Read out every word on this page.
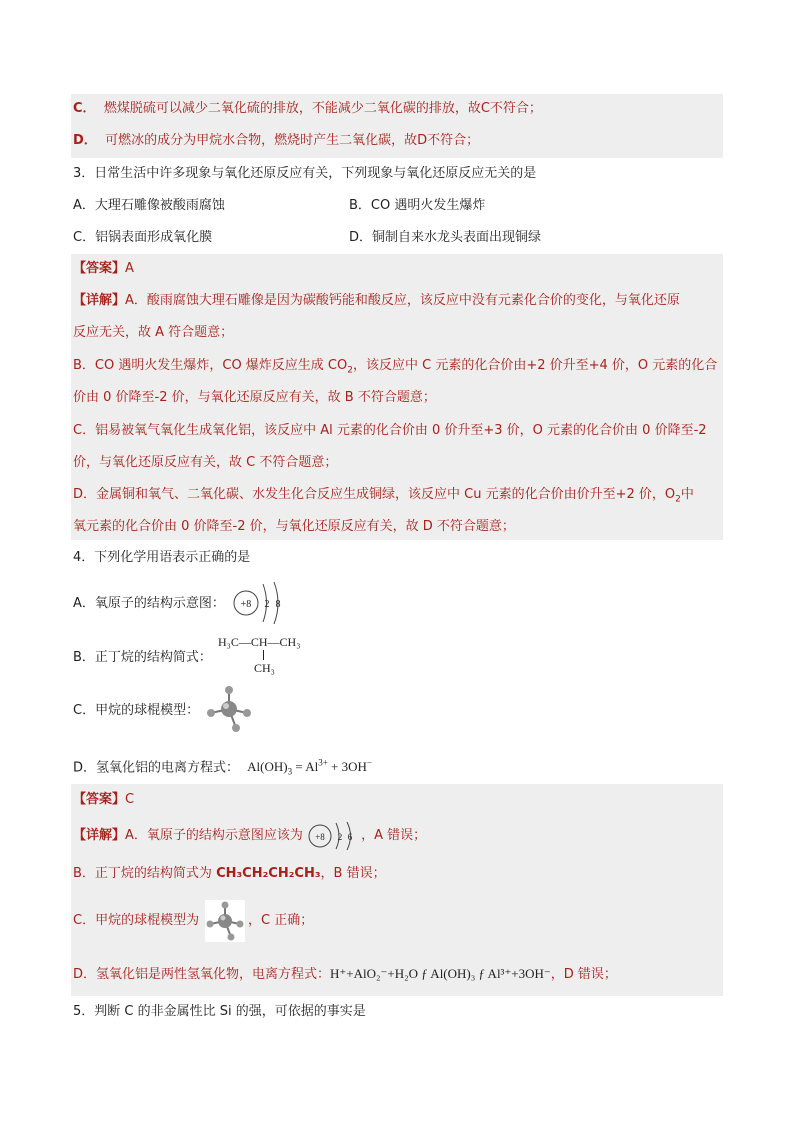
C． 燃煤脱硫可以减少二氧化硫的排放，不能减少二氧化碳的排放，故C不符合；
D． 可燃冰的成分为甲烷水合物，燃烧时产生二氧化碳，故D不符合；
3．日常生活中许多现象与氧化还原反应有关，下列现象与氧化还原反应无关的是
A．大理石雕像被酸雨腐蚀	B．CO 遇明火发生爆炸
C．铝锅表面形成氧化膜	D．铜制自来水龙头表面出现铜绿
【答案】A
【详解】A．酸雨腐蚀大理石雕像是因为碳酸钙能和酸反应，该反应中没有元素化合价的变化，与氧化还原
反应无关，故 A 符合题意；
B．CO 遇明火发生爆炸，CO 爆炸反应生成 $CO_2$，该反应中 C 元素的化合价由+2 价升至+4 价，O 元素的化合
价由 0 价降至-2 价，与氧化还原反应有关，故 B 不符合题意；
C．铝易被氧气氧化生成氧化铝，该反应中 Al 元素的化合价由 0 价升至+3 价，O 元素的化合价由 0 价降至-2
价，与氧化还原反应有关，故 C 不符合题意；
D．金属铜和氧气、二氧化碳、水发生化合反应生成铜绿，该反应中 Cu 元素的化合价由价升至+2 价，$O_2$中
氧元素的化合价由 0 价降至-2 价，与氧化还原反应有关，故 D 不符合题意；
4．下列化学用语表示正确的是
A．氧原子的结构示意图： +8 2 8
B．正丁烷的结构简式：
H₃C—CH—CH₃
CH₃
C．甲烷的球棍模型：
D．氢氧化铝的电离方程式： $Al(OH)_3 = Al^{3+} + 3OH^-$
【答案】C
【详解】A．氧原子的结构示意图应该为 +8 2 6 ，A 错误；
B．正丁烷的结构简式为 CH₃CH₂CH₂CH₃，B 错误；
C．甲烷的球棍模型为	，C 正确；
D．氢氧化铝是两性氢氧化物，电离方程式：H⁺+AlO₂⁻+H₂O ƒ Al(OH)₃ ƒ Al³⁺+3OH⁻，D 错误；
5．判断 C 的非金属性比 Si 的强，可依据的事实是
